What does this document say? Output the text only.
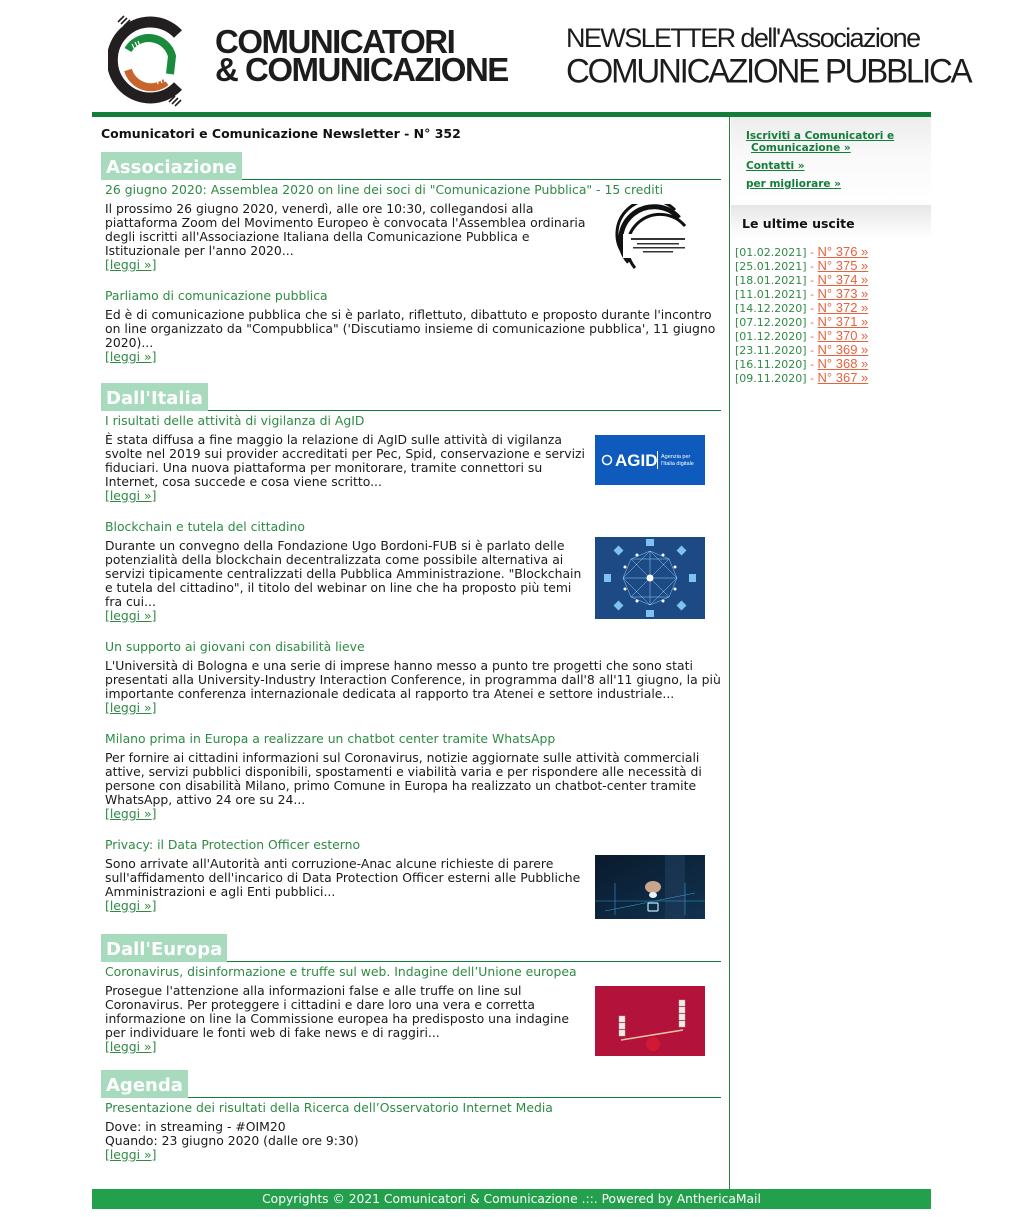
COMUNICATORI
& COMUNICAZIONE
NEWSLETTER dell'Associazione
COMUNICAZIONE PUBBLICA
Comunicatori e Comunicazione Newsletter - N° 352
Associazione
26 giugno 2020: Assemblea 2020 on line dei soci di "Comunicazione Pubblica" - 15 crediti
Il prossimo 26 giugno 2020, venerdì, alle ore 10:30, collegandosi alla piattaforma Zoom del Movimento Europeo è convocata l'Assemblea ordinaria degli iscritti all'Associazione Italiana della Comunicazione Pubblica e Istituzionale per l'anno 2020...
[leggi »]
Parliamo di comunicazione pubblica
Ed è di comunicazione pubblica che si è parlato, riflettuto, dibattuto e proposto durante l'incontro on line organizzato da "Compubblica" ('Discutiamo insieme di comunicazione pubblica', 11 giugno 2020)...
[leggi »]
Dall'Italia
I risultati delle attività di vigilanza di AgID
È stata diffusa a fine maggio la relazione di AgID sulle attività di vigilanza svolte nel 2019 sui provider accreditati per Pec, Spid, conservazione e servizi fiduciari. Una nuova piattaforma per monitorare, tramite connettori su Internet, cosa succede e cosa viene scritto...
[leggi »]
AGID Agenzia per
l'Italia digitale
Blockchain e tutela del cittadino
Durante un convegno della Fondazione Ugo Bordoni-FUB si è parlato delle potenzialità della blockchain decentralizzata come possibile alternativa ai servizi tipicamente centralizzati della Pubblica Amministrazione. "Blockchain e tutela del cittadino", il titolo del webinar on line che ha proposto più temi fra cui...
[leggi »]
Un supporto ai giovani con disabilità lieve
L'Università di Bologna e una serie di imprese hanno messo a punto tre progetti che sono stati presentati alla University-Industry Interaction Conference, in programma dall'8 all'11 giugno, la più importante conferenza internazionale dedicata al rapporto tra Atenei e settore industriale...
[leggi »]
Milano prima in Europa a realizzare un chatbot center tramite WhatsApp
Per fornire ai cittadini informazioni sul Coronavirus, notizie aggiornate sulle attività commerciali attive, servizi pubblici disponibili, spostamenti e viabilità varia e per rispondere alle necessità di persone con disabilità Milano, primo Comune in Europa ha realizzato un chatbot-center tramite WhatsApp, attivo 24 ore su 24...
[leggi »]
Privacy: il Data Protection Officer esterno
Sono arrivate all'Autorità anti corruzione-Anac alcune richieste di parere sull'affidamento dell'incarico di Data Protection Officer esterni alle Pubbliche Amministrazioni e agli Enti pubblici...
[leggi »]
Dall'Europa
Coronavirus, disinformazione e truffe sul web. Indagine dell’Unione europea
Prosegue l'attenzione alla informazioni false e alle truffe on line sul Coronavirus. Per proteggere i cittadini e dare loro una vera e corretta informazione on line la Commissione europea ha predisposto una indagine per individuare le fonti web di fake news e di raggiri...
[leggi »]
Agenda
Presentazione dei risultati della Ricerca dell’Osservatorio Internet Media
Dove: in streaming - #OIM20
Quando: 23 giugno 2020 (dalle ore 9:30)
[leggi »]
Iscriviti a Comunicatori e
Comunicazione »
Contatti »
per migliorare »
Le ultime uscite
[01.02.2021] - N° 376 »
[25.01.2021] - N° 375 »
[18.01.2021] - N° 374 »
[11.01.2021] - N° 373 »
[14.12.2020] - N° 372 »
[07.12.2020] - N° 371 »
[01.12.2020] - N° 370 »
[23.11.2020] - N° 369 »
[16.11.2020] - N° 368 »
[09.11.2020] - N° 367 »
Copyrights © 2021 Comunicatori & Comunicazione .::. Powered by AnthericaMail
